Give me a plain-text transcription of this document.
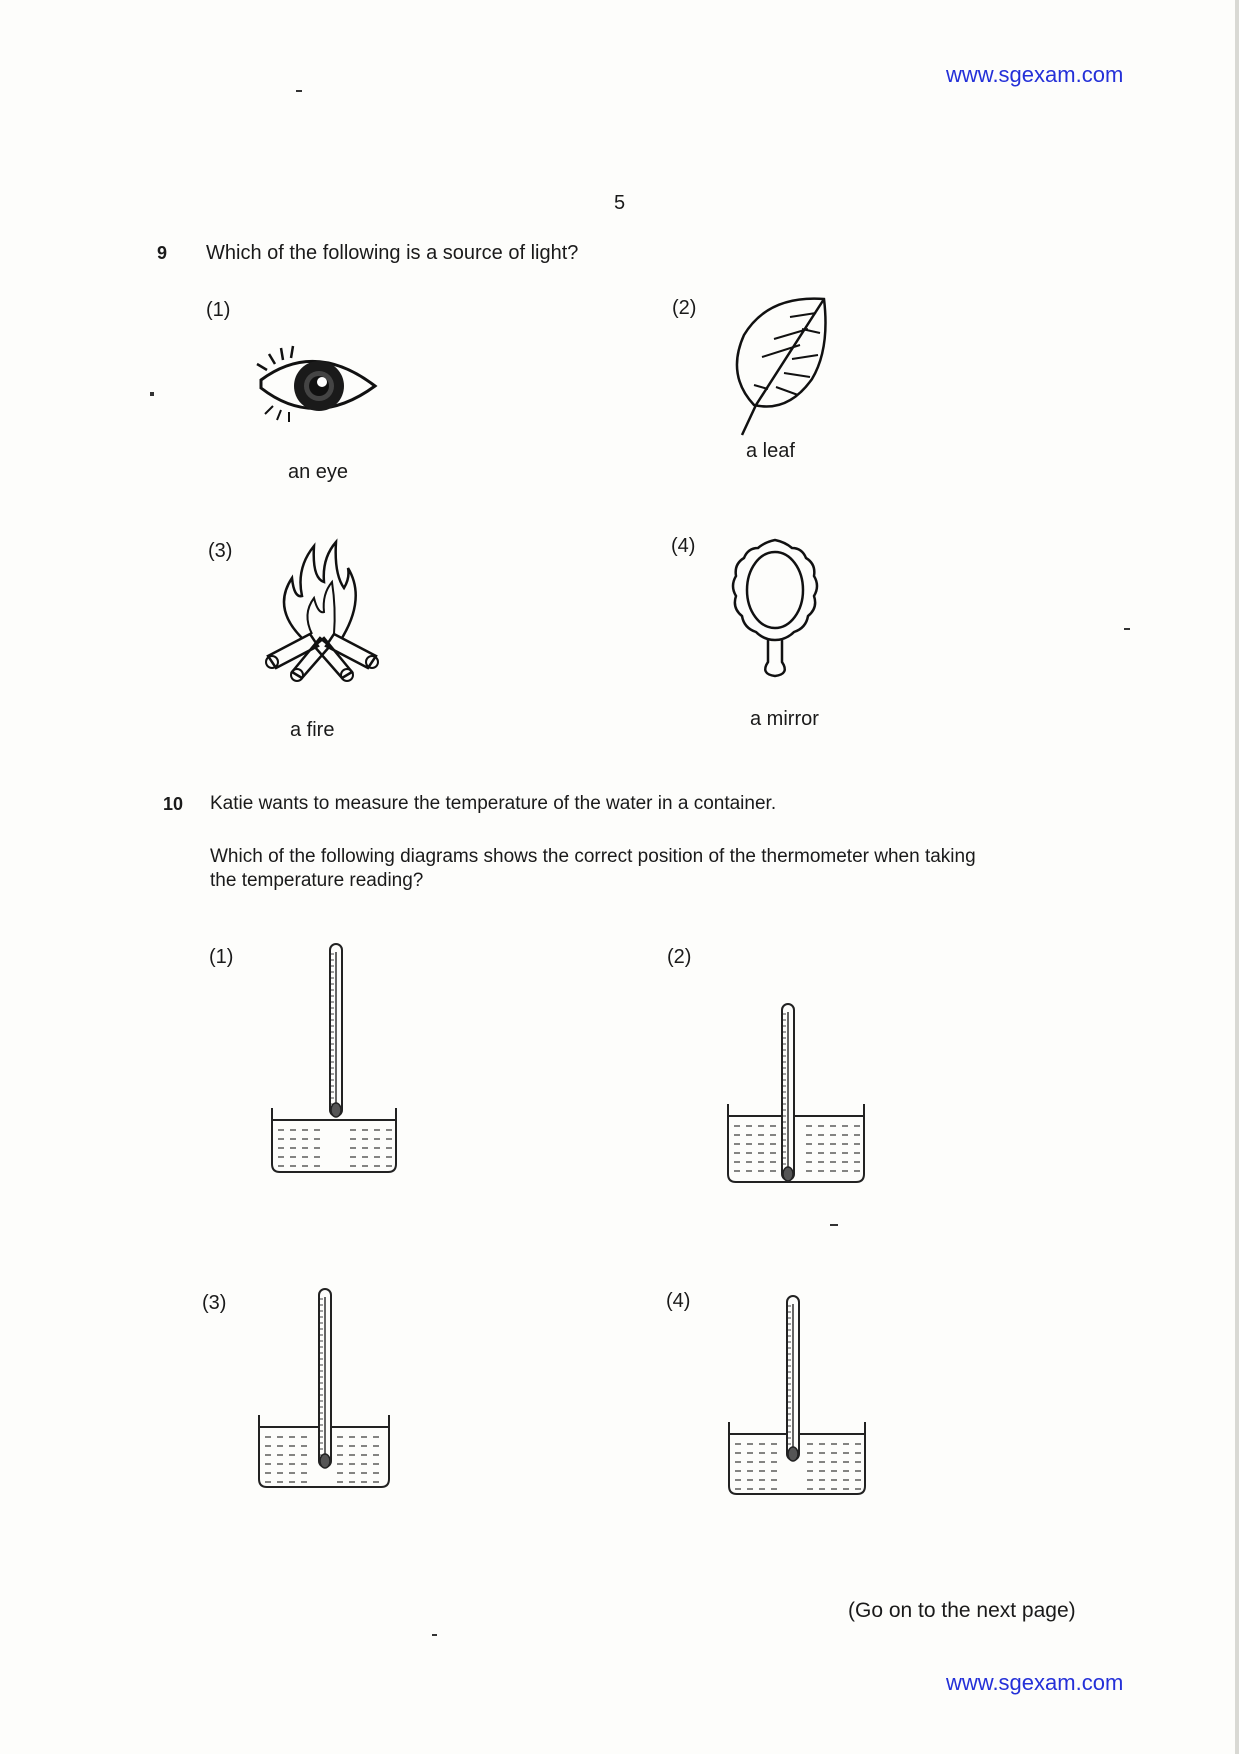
www.sgexam.com
5
9 Which of the following is a source of light?
(1)	(2)
(3)	(4)
an eye
a leaf
a fire	a mirror
10 Katie wants to measure the temperature of the water in a container.
Which of the following diagrams shows the correct position of the thermometer when taking
the temperature reading?
(1)	(2)
(3)	(4)
(Go on to the next page)
www.sgexam.com
